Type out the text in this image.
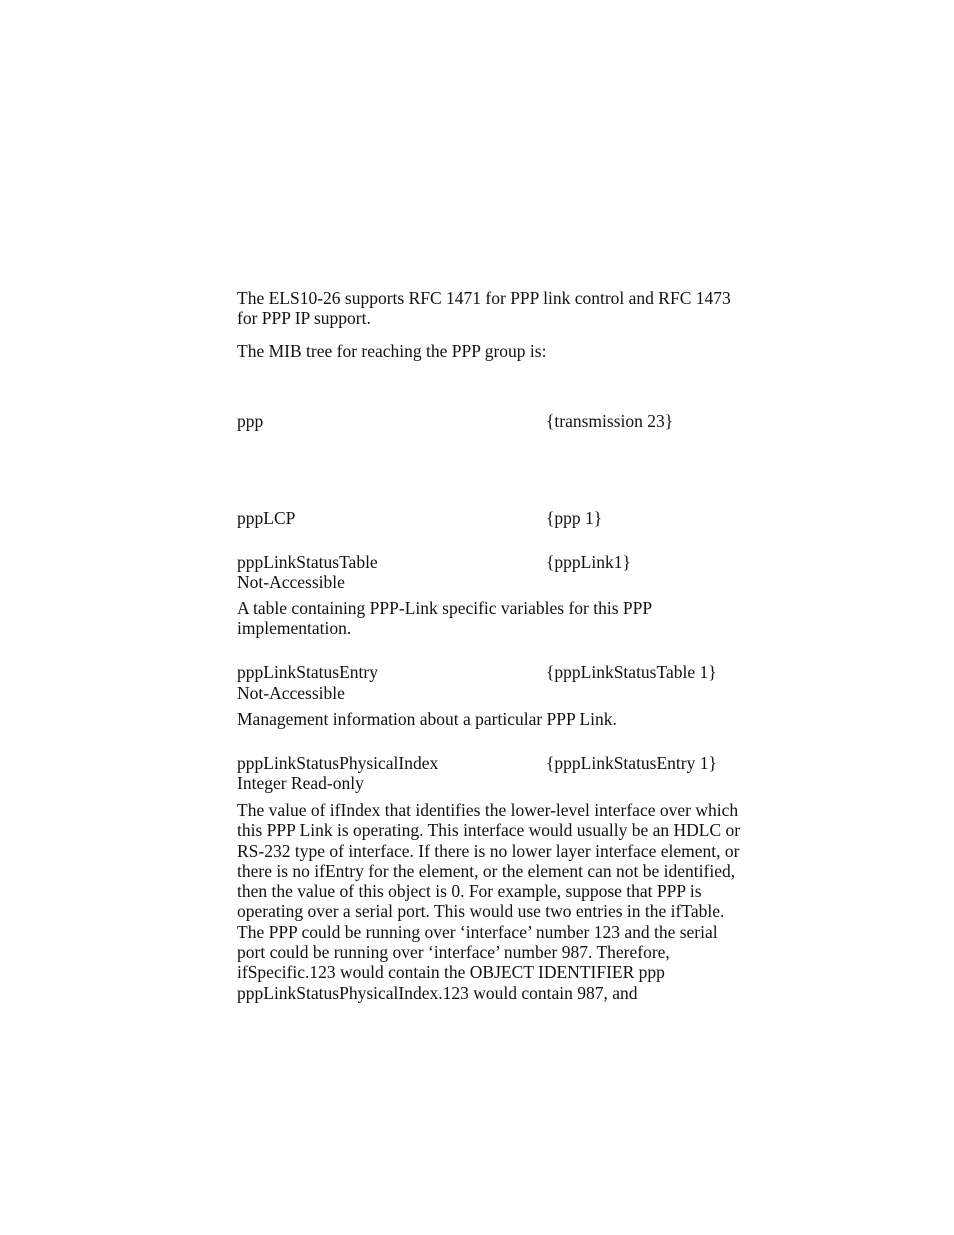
The ELS10-26 supports RFC 1471 for PPP link control and RFC 1473 for PPP IP support.
The MIB tree for reaching the PPP group is:
ppp	{transmission 23}
pppLCP	{ppp 1}
pppLinkStatusTable	{pppLink1}
Not-Accessible
A table containing PPP-Link specific variables for this PPP implementation.
pppLinkStatusEntry	{pppLinkStatusTable 1}
Not-Accessible
Management information about a particular PPP Link.
pppLinkStatusPhysicalIndex	{pppLinkStatusEntry 1}
Integer Read-only
The value of ifIndex that identifies the lower-level interface over which this PPP Link is operating. This interface would usually be an HDLC or RS-232 type of interface. If there is no lower layer interface element, or there is no ifEntry for the element, or the element can not be identified, then the value of this object is 0. For example, suppose that PPP is operating over a serial port. This would use two entries in the ifTable. The PPP could be running over ‘interface’ number 123 and the serial port could be running over ‘interface’ number 987. Therefore, ifSpecific.123 would contain the OBJECT IDENTIFIER ppp pppLinkStatusPhysicalIndex.123 would contain 987, and
